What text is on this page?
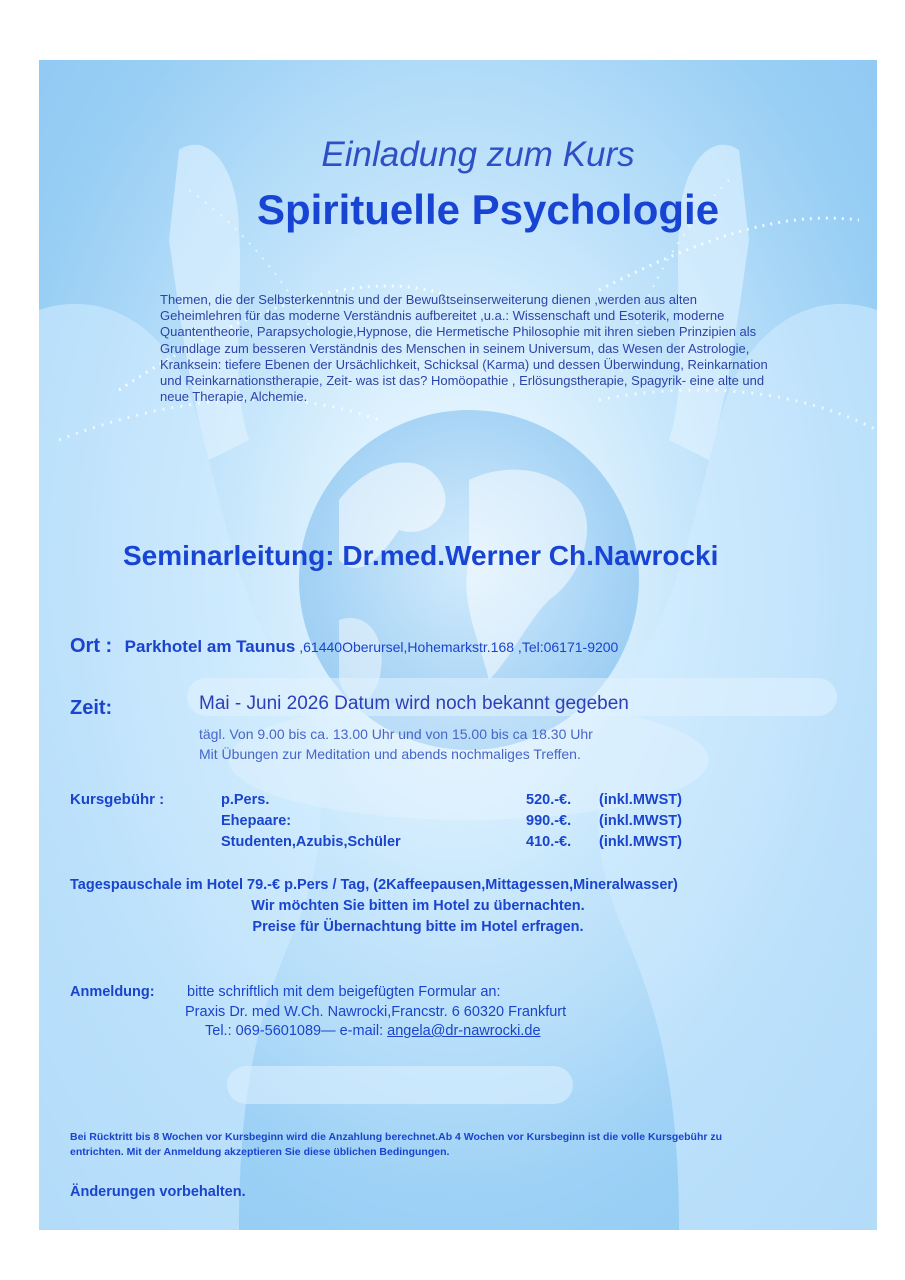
Einladung zum Kurs
Spirituelle Psychologie
Themen, die der Selbsterkenntnis und der Bewußtseinserweiterung dienen ,werden aus alten Geheimlehren für das moderne Verständnis aufbereitet ,u.a.: Wissenschaft und Esoterik, moderne Quantentheorie, Parapsychologie,Hypnose, die Hermetische Philosophie mit ihren sieben Prinzipien als Grundlage zum besseren Verständnis des Menschen in seinem Universum, das Wesen der Astrologie, Kranksein: tiefere Ebenen der Ursächlichkeit, Schicksal (Karma) und dessen Überwindung, Reinkarnation und Reinkarnationstherapie, Zeit- was ist das? Homöopathie , Erlösungstherapie, Spagyrik- eine alte und neue Therapie, Alchemie.
Seminarleitung: Dr.med.Werner Ch.Nawrocki
Ort : Parkhotel am Taunus ,61440Oberursel,Hohemarkstr.168 ,Tel:06171-9200
Zeit:	Mai - Juni 2026 Datum wird noch bekannt gegeben
tägl. Von 9.00 bis ca. 13.00 Uhr und von 15.00 bis ca 18.30 Uhr
Mit Übungen zur Meditation und abends nochmaliges Treffen.
Kursgebühr :	p.Pers.	520.-€. (inkl.MWST)
Ehepaare:	990.-€. (inkl.MWST)
Studenten,Azubis,Schüler	410.-€. (inkl.MWST)
Tagespauschale im Hotel 79.-€ p.Pers / Tag, (2Kaffeepausen,Mittagessen,Mineralwasser)
Wir möchten Sie bitten im Hotel zu übernachten.
Preise für Übernachtung bitte im Hotel erfragen.
Anmeldung: bitte schriftlich mit dem beigefügten Formular an:
Praxis Dr. med W.Ch. Nawrocki,Francstr. 6 60320 Frankfurt
Tel.: 069-5601089— e-mail: angela@dr-nawrocki.de
Bei Rücktritt bis 8 Wochen vor Kursbeginn wird die Anzahlung berechnet.Ab 4 Wochen vor Kursbeginn ist die volle Kursgebühr zu entrichten. Mit der Anmeldung akzeptieren Sie diese üblichen Bedingungen.
Änderungen vorbehalten.
